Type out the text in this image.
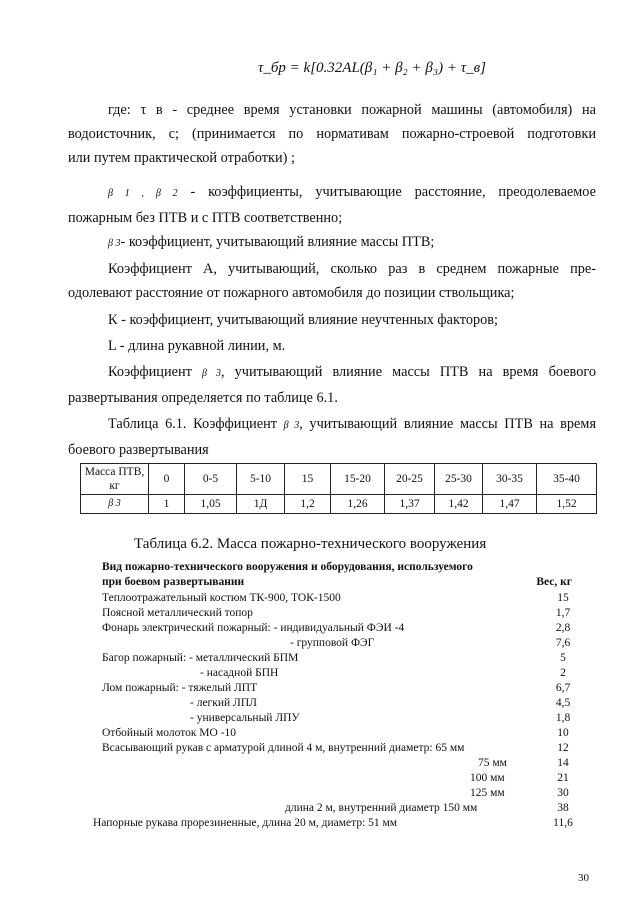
τ_бр = k[0.32AL(β₁ + β₂ + β₃) + τ_в]
где: τ в - среднее время установки пожарной машины (автомобиля) на
водоисточник, с; (принимается по нормативам пожарно-строевой подготовки
или путем практической отработки) ;
β 1 , β 2 - коэффициенты, учитывающие расстояние, преодолеваемое
пожарным без ПТВ и с ПТВ соответственно;
β 3- коэффициент, учитывающий влияние массы ПТВ;
Коэффициент А, учитывающий, сколько раз в среднем пожарные пре-
одолевают расстояние от пожарного автомобиля до позиции ствольщика;
К - коэффициент, учитывающий влияние неучтенных факторов;
L - длина рукавной линии, м.
Коэффициент β 3, учитывающий влияние массы ПТВ на время боевого
развертывания определяется по таблице 6.1.
Таблица 6.1. Коэффициент β 3, учитывающий влияние массы ПТВ на время
боевого развертывания
Масса ПТВ, кг	0	0-5	5-10	15	15-20	20-25	25-30	30-35	35-40
β 3	1	1,05	1Д	1,2	1,26	1,37	1,42	1,47	1,52
Таблица 6.2. Масса пожарно-технического вооружения
Вид пожарно-технического вооружения и оборудования, используемого
при боевом развертывании	Вес, кг
Теплоотражательный костюм ТК-900, ТОК-1500	15
Поясной металлический топор	1,7
Фонарь электрический пожарный: - индивидуальный ФЭИ -4	2,8
- групповой ФЭГ	7,6
Багор пожарный: - металлический БПМ	5
- насадной БПН	2
Лом пожарный: - тяжелый ЛПТ	6,7
- легкий ЛПЛ	4,5
- универсальный ЛПУ	1,8
Отбойный молоток МО -10	10
Всасывающий рукав с арматурой длиной 4 м, внутренний диаметр: 65 мм	12
75 мм	14
100 мм	21
125 мм	30
длина 2 м, внутренний диаметр 150 мм	38
Напорные рукава прорезиненные, длина 20 м, диаметр: 51 мм	11,6
30
